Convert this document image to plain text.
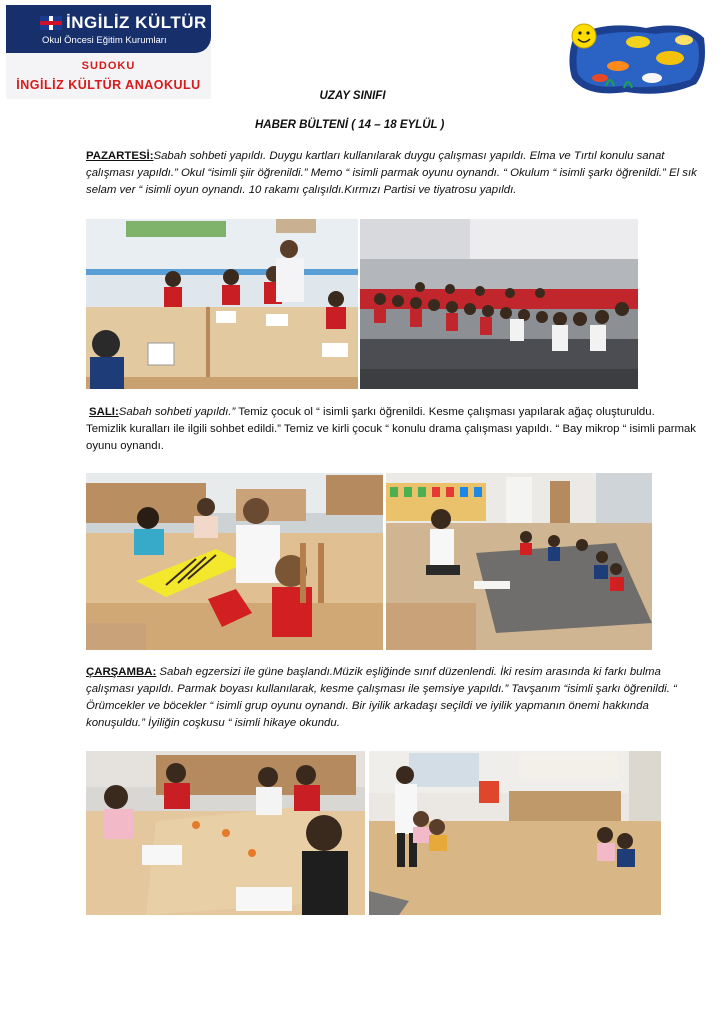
İNGİLİZ KÜLTÜR
Okul Öncesi Eğitim Kurumları
SUDOKU
İNGİLİZ KÜLTÜR ANAOKULU
UZAY SINIFI
HABER BÜLTENİ ( 14 – 18 EYLÜL )
PAZARTESİ:Sabah sohbeti yapıldı. Duygu kartları kullanılarak duygu çalışması yapıldı. Elma ve Tırtıl konulu sanat çalışması yapıldı.” Okul “isimli şiir öğrenildi.” Memo “ isimli parmak oyunu oynandı. “ Okulum “ isimli şarkı öğrenildi.” El sık selam ver “ isimli oyun oynandı. 10 rakamı çalışıldı.Kırmızı Partisi ve tiyatrosu yapıldı.
SALI:Sabah sohbeti yapıldı.” Temiz çocuk ol “ isimli şarkı öğrenildi. Kesme çalışması yapılarak ağaç oluşturuldu. Temizlik kuralları ile ilgili sohbet edildi.” Temiz ve kirli çocuk “ konulu drama çalışması yapıldı. “ Bay mikrop “ isimli parmak oyunu oynandı.
ÇARŞAMBA: Sabah egzersizi ile güne başlandı.Müzik eşliğinde sınıf düzenlendi. İki resim arasında ki farkı bulma çalışması yapıldı. Parmak boyası kullanılarak, kesme çalışması ile şemsiye yapıldı.” Tavşanım “isimli şarkı öğrenildi. “ Örümcekler ve böcekler “ isimli grup oyunu oynandı. Bir iyilik arkadaşı seçildi ve iyilik yapmanın önemi hakkında konuşuldu.” İyiliğin coşkusu “ isimli hikaye okundu.
